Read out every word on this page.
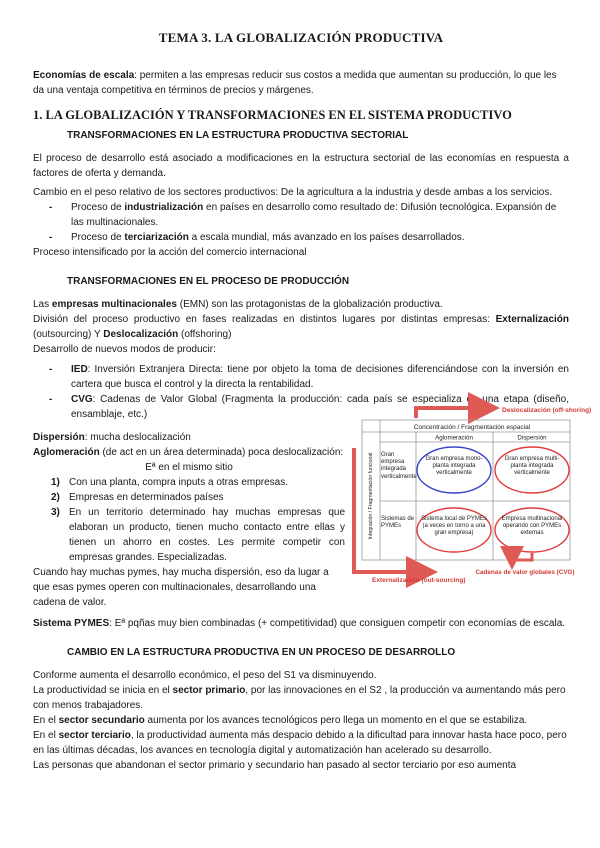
TEMA 3. LA GLOBALIZACIÓN PRODUCTIVA

Economías de escala: permiten a las empresas reducir sus costos a medida que aumentan su producción, lo que les da una ventaja competitiva en términos de precios y márgenes.

1. LA GLOBALIZACIÓN Y TRANSFORMACIONES EN EL SISTEMA PRODUCTIVO

TRANSFORMACIONES EN LA ESTRUCTURA PRODUCTIVA SECTORIAL

El proceso de desarrollo está asociado a modificaciones en la estructura sectorial de las economías en respuesta a factores de oferta y demanda.

Cambio en el peso relativo de los sectores productivos: De la agricultura a la industria y desde ambas a los servicios.

- Proceso de industrialización en países en desarrollo como resultado de: Difusión tecnológica. Expansión de las multinacionales.
- Proceso de terciarización a escala mundial, más avanzado en los países desarrollados.

Proceso intensificado por la acción del comercio internacional

TRANSFORMACIONES EN EL PROCESO DE PRODUCCIÓN

Las empresas multinacionales (EMN) son las protagonistas de la globalización productiva.

División del proceso productivo en fases realizadas en distintos lugares por distintas empresas: Externalización (outsourcing) Y Deslocalización (offshoring)

Desarrollo de nuevos modos de producir:

- IED: Inversión Extranjera Directa: tiene por objeto la toma de decisiones diferenciándose con la inversión en cartera que busca el control y la directa la rentabilidad.
- CVG: Cadenas de Valor Global (Fragmenta la producción: cada país se especializa en una etapa (diseño, ensamblaje, etc.)

Dispersión: mucha deslocalización

Aglomeración (de act en un área determinada) poca deslocalización:

Eª en el mismo sitio

1) Con una planta, compra inputs a otras empresas.
2) Empresas en determinados países
3) En un territorio determinado hay muchas empresas que elaboran un producto, tienen mucho contacto entre ellas y tienen un ahorro en costes. Les permite competir con empresas grandes. Especializadas.

Cuando hay muchas pymes, hay mucha dispersión, eso da lugar a que esas pymes operen con multinacionales, desarrollando una cadena de valor.

Sistema PYMES: Eª pqñas muy bien combinadas (+ competitividad) que consiguen competir con economías de escala.

CAMBIO EN LA ESTRUCTURA PRODUCTIVA EN UN PROCESO DE DESARROLLO

Conforme aumenta el desarrollo económico, el peso del S1 va disminuyendo.

La productividad se inicia en el sector primario, por las innovaciones en el S2 , la producción va aumentando más pero con menos trabajadores.

En el sector secundario aumenta por los avances tecnológicos pero llega un momento en el que se estabiliza.

En el sector terciario, la productividad aumenta más despacio debido a la dificultad para innovar hasta hace poco, pero en las últimas décadas, los avances en tecnología digital y automatización han acelerado su desarrollo.

Las personas que abandonan el sector primario y secundario han pasado al sector terciario por eso aumenta

Deslocalización (off-shoring)
Concentración / Fragmentación espacial
Aglomeración	Dispersión
Integración / Fragmentación funcional Gran empresa integrada verticalmente
Sistemas de PYMEs
Gran empresa mono-planta integrada verticalmente
Gran empresa multi-planta integrada verticalmente
Sistema local de PYMEs (a veces en torno a una gran empresa)
Empresa multinacional operando con PYMEs externas
Externalización (out-sourcing)
Cadenas de valor globales (CVG)
